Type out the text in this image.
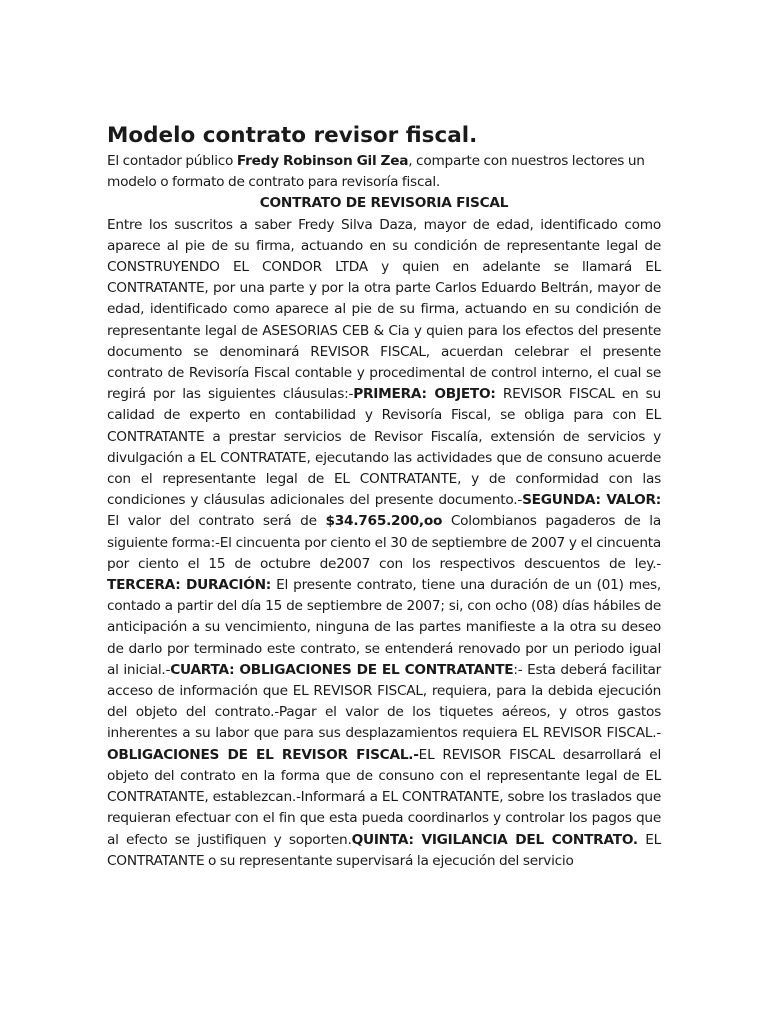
Modelo contrato revisor fiscal.

El contador público Fredy Robinson Gil Zea, comparte con nuestros lectores un modelo o formato de contrato para revisoría fiscal.

CONTRATO DE REVISORIA FISCAL

Entre los suscritos a saber Fredy Silva Daza, mayor de edad, identificado como aparece al pie de su firma, actuando en su condición de representante legal de CONSTRUYENDO EL CONDOR LTDA y quien en adelante se llamará EL CONTRATANTE, por una parte y por la otra parte Carlos Eduardo Beltrán, mayor de edad, identificado como aparece al pie de su firma, actuando en su condición de representante legal de ASESORIAS CEB & Cia y quien para los efectos del presente documento se denominará REVISOR FISCAL, acuerdan celebrar el presente contrato de Revisoría Fiscal contable y procedimental de control interno, el cual se regirá por las siguientes cláusulas:-PRIMERA: OBJETO: REVISOR FISCAL en su calidad de experto en contabilidad y Revisoría Fiscal, se obliga para con EL CONTRATANTE a prestar servicios de Revisor Fiscalía, extensión de servicios y divulgación a EL CONTRATATE, ejecutando las actividades que de consuno acuerde con el representante legal de EL CONTRATANTE, y de conformidad con las condiciones y cláusulas adicionales del presente documento.-SEGUNDA: VALOR: El valor del contrato será de $34.765.200,oo Colombianos pagaderos de la siguiente forma:-El cincuenta por ciento el 30 de septiembre de 2007 y el cincuenta por ciento el 15 de octubre de2007 con los respectivos descuentos de ley.-TERCERA: DURACIÓN: El presente contrato, tiene una duración de un (01) mes, contado a partir del día 15 de septiembre de 2007; si, con ocho (08) días hábiles de anticipación a su vencimiento, ninguna de las partes manifieste a la otra su deseo de darlo por terminado este contrato, se entenderá renovado por un periodo igual al inicial.-CUARTA: OBLIGACIONES DE EL CONTRATANTE:- Esta deberá facilitar acceso de información que EL REVISOR FISCAL, requiera, para la debida ejecución del objeto del contrato.-Pagar el valor de los tiquetes aéreos, y otros gastos inherentes a su labor que para sus desplazamientos requiera EL REVISOR FISCAL.-OBLIGACIONES DE EL REVISOR FISCAL.-EL REVISOR FISCAL desarrollará el objeto del contrato en la forma que de consuno con el representante legal de EL CONTRATANTE, establezcan.-Informará a EL CONTRATANTE, sobre los traslados que requieran efectuar con el fin que esta pueda coordinarlos y controlar los pagos que al efecto se justifiquen y soporten.QUINTA: VIGILANCIA DEL CONTRATO. EL CONTRATANTE o su representante supervisará la ejecución del servicio
